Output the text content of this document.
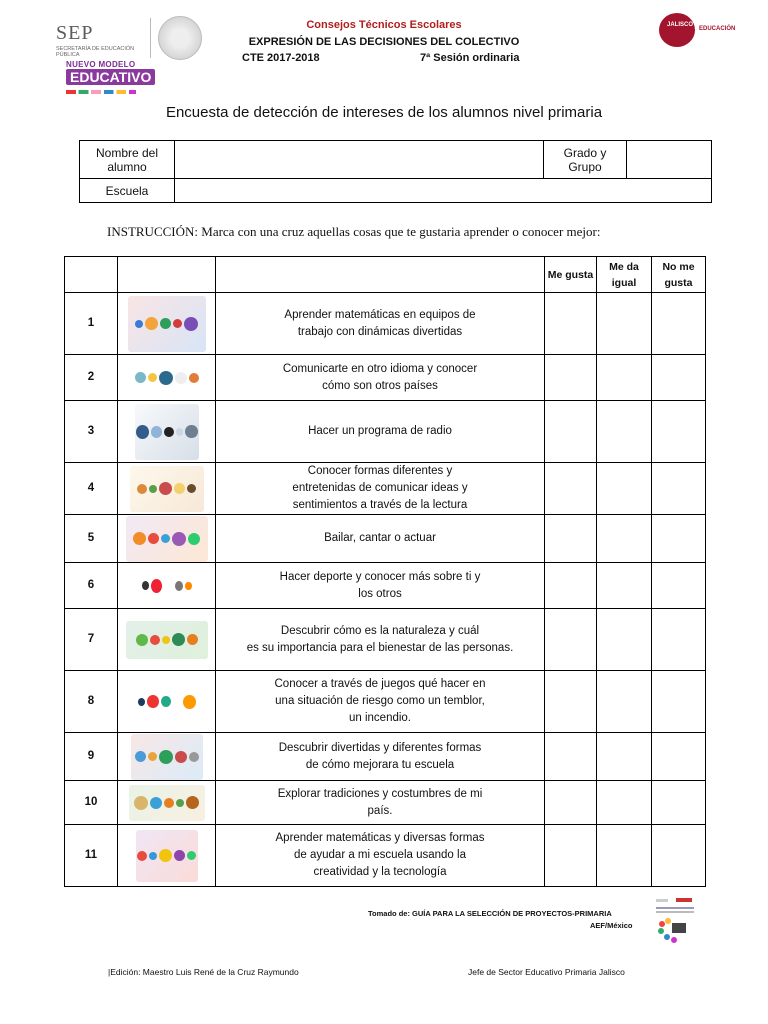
SEP
SECRETARÍA DE EDUCACIÓN PÚBLICA
NUEVO MODELO
EDUCATIVO
Consejos Técnicos Escolares
EXPRESIÓN DE LAS DECISIONES DEL COLECTIVO
CTE 2017-2018	7ª Sesión ordinaria
JALISCO
EDUCACIÓN
Encuesta de detección de intereses de los alumnos nivel primaria
Nombre del alumno		Grado y Grupo	
Escuela			
INSTRUCCIÓN: Marca con una cruz aquellas cosas que te gustaria aprender o conocer mejor:
			Me gusta	Me da igual	No me gusta
1		Aprender matemáticas en equipos de
trabajo con dinámicas divertidas			

2		Comunicarte en otro idioma y conocer
cómo son otros países			

3		Hacer un programa de radio			

4		Conocer formas diferentes y
entretenidas de comunicar ideas y
sentimientos a través de la lectura			

5		Bailar, cantar o actuar			

6		Hacer deporte y conocer más sobre ti y
los otros			

7		Descubrir cómo es la naturaleza y cuál
es su importancia para el bienestar de las personas.			

8		Conocer a través de juegos qué hacer en
una situación de riesgo como un temblor,
un incendio.			

9		Descubrir divertidas y diferentes formas
de cómo mejorara tu escuela			

10		Explorar tradiciones y costumbres de mi
país.			

11		Aprender matemáticas y diversas formas
de ayudar a mi escuela usando la
creatividad y la tecnología			

Tomado de: GUÍA PARA LA SELECCIÓN DE PROYECTOS-PRIMARIA
AEF/México
|Edición: Maestro Luis René de la Cruz Raymundo	Jefe de Sector Educativo Primaria Jalisco
